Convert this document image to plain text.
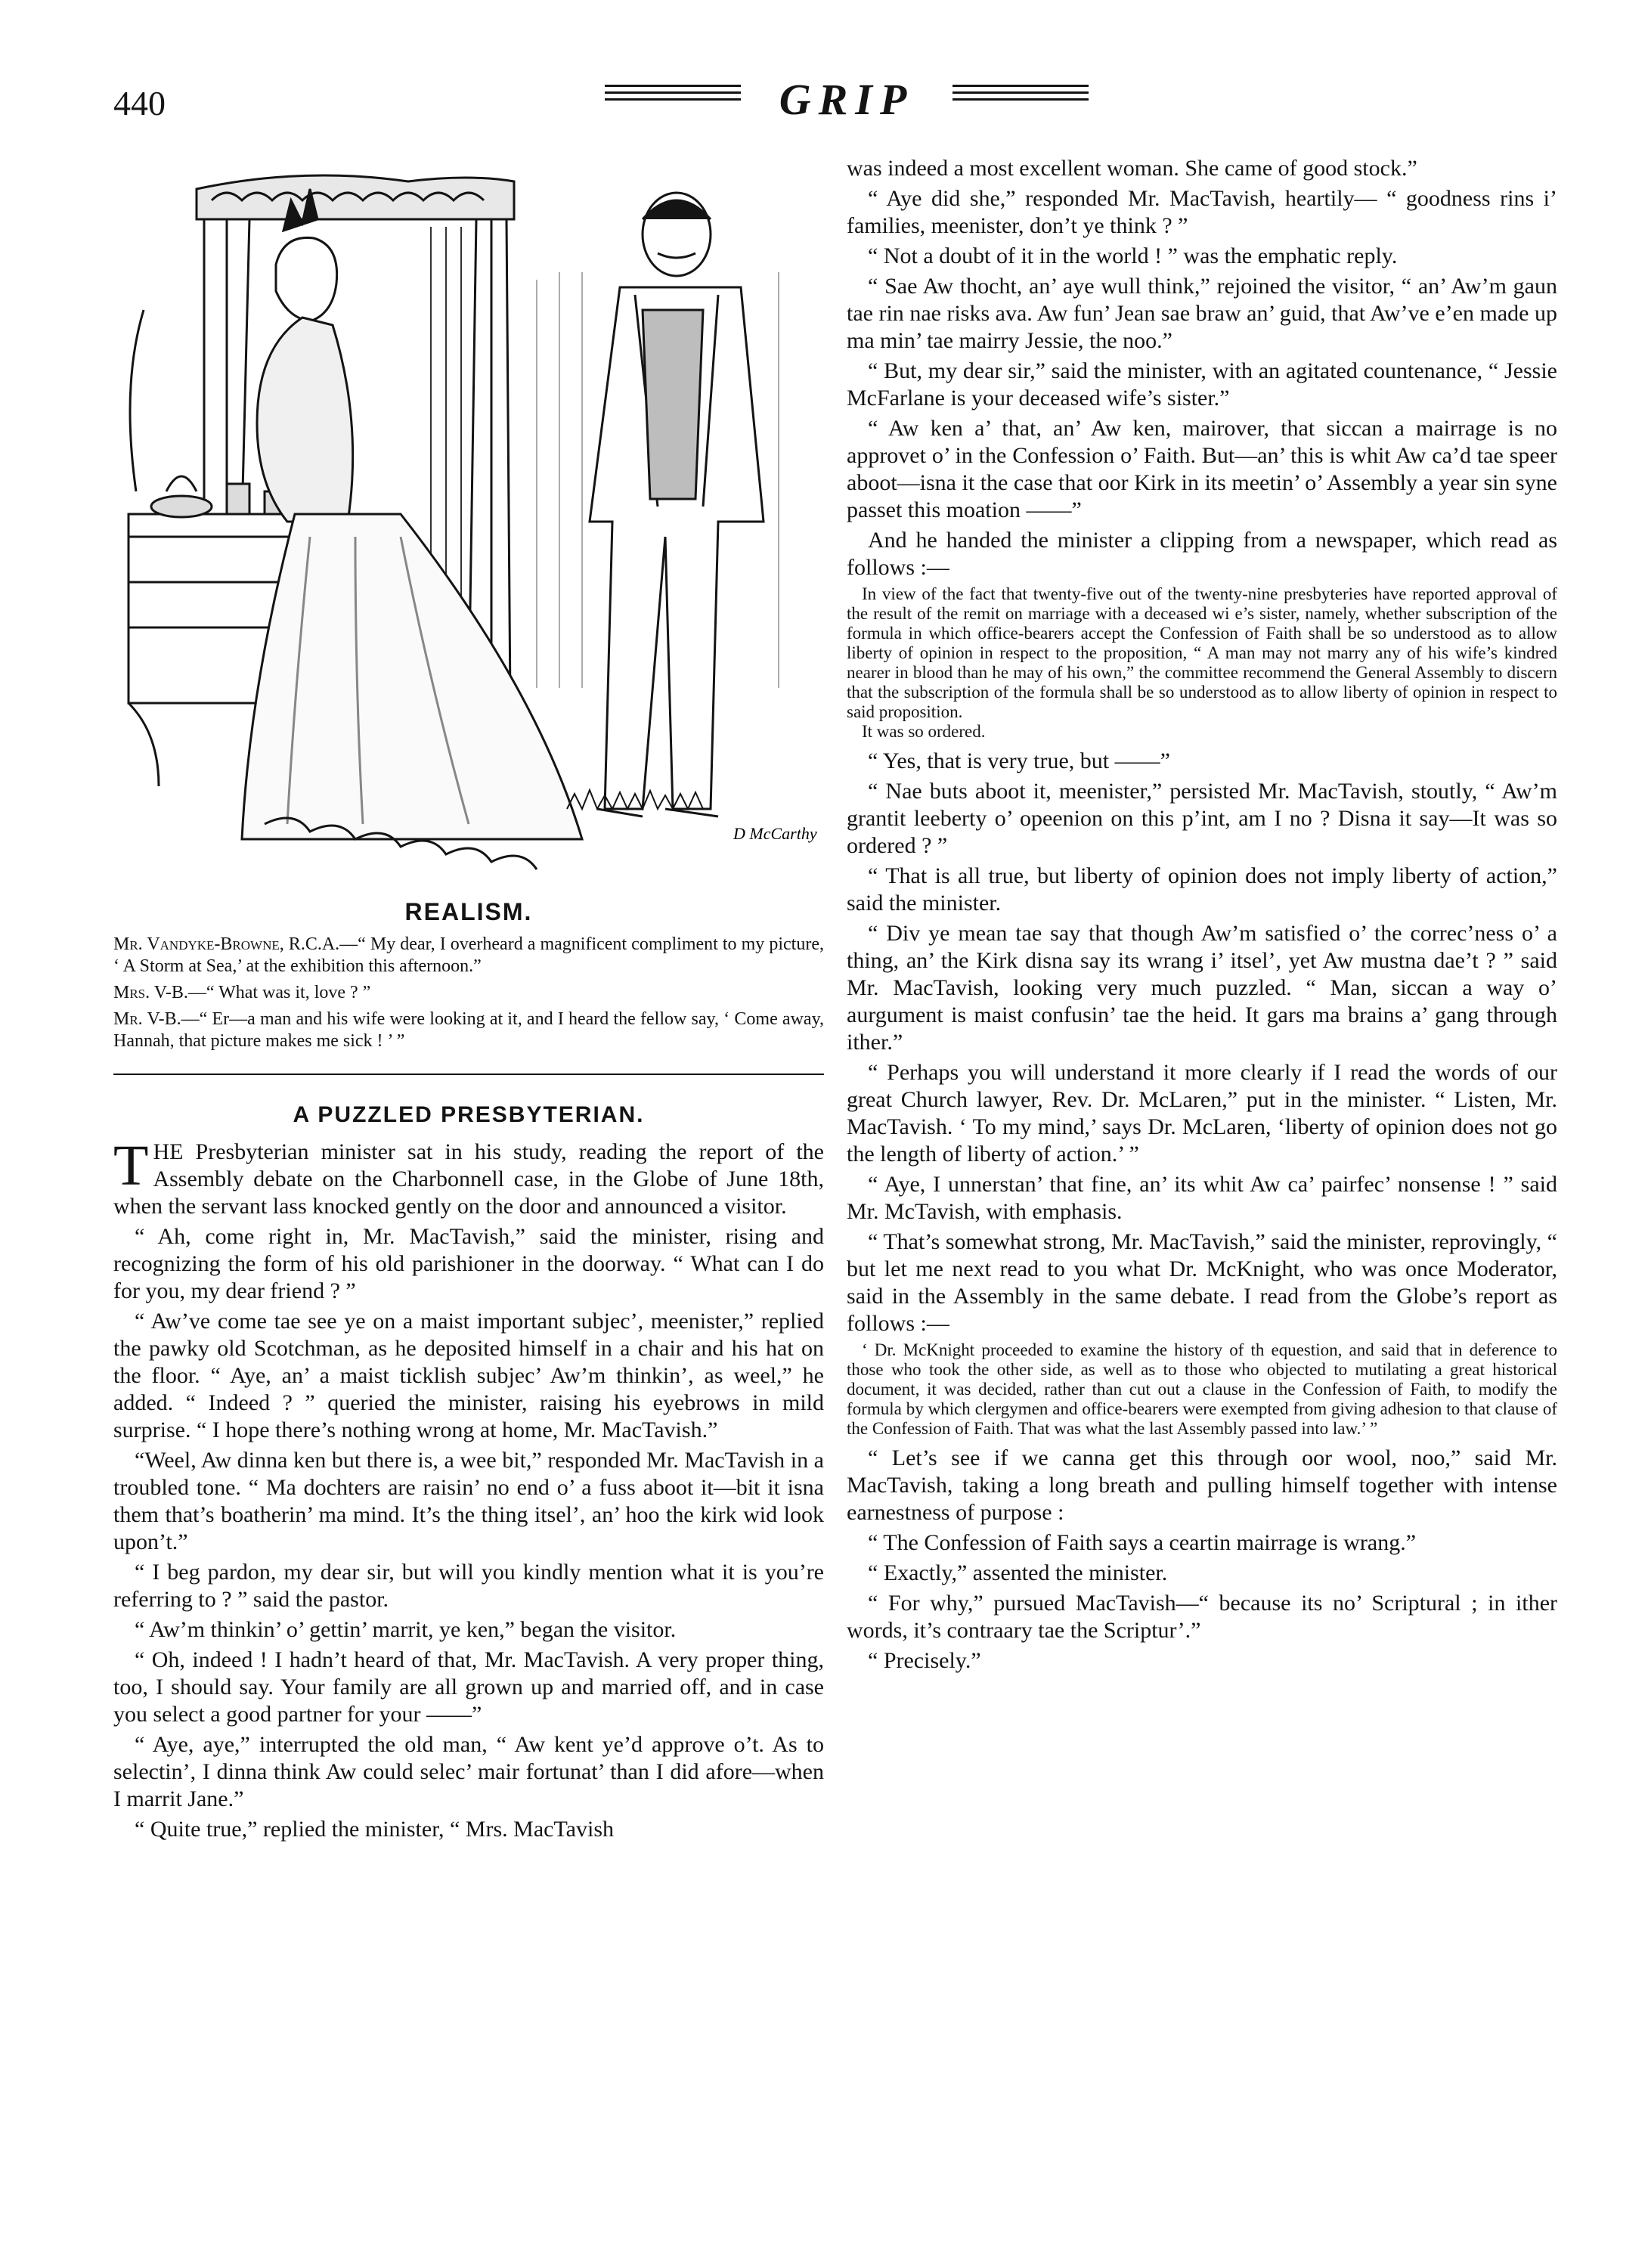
440	GRIP
D McCarthy
REALISM.

Mr. Vandyke-Browne, R.C.A.—“ My dear, I overheard a magnificent compliment to my picture, ‘ A Storm at Sea,’ at the exhibition this afternoon.”

Mrs. V-B.—“ What was it, love ? ”

Mr. V-B.—“ Er—a man and his wife were looking at it, and I heard the fellow say, ‘ Come away, Hannah, that picture makes me sick ! ’ ”

A PUZZLED PRESBYTERIAN.

THE Presbyterian minister sat in his study, reading the report of the Assembly debate on the Charbonnell case, in the Globe of June 18th, when the servant lass knocked gently on the door and announced a visitor.

“ Ah, come right in, Mr. MacTavish,” said the minister, rising and recognizing the form of his old parishioner in the doorway. “ What can I do for you, my dear friend ? ”

“ Aw’ve come tae see ye on a maist important subjec’, meenister,” replied the pawky old Scotchman, as he deposited himself in a chair and his hat on the floor. “ Aye, an’ a maist ticklish subjec’ Aw’m thinkin’, as weel,” he added. “ Indeed ? ” queried the minister, raising his eyebrows in mild surprise. “ I hope there’s nothing wrong at home, Mr. MacTavish.”

“Weel, Aw dinna ken but there is, a wee bit,” responded Mr. MacTavish in a troubled tone. “ Ma dochters are raisin’ no end o’ a fuss aboot it—bit it isna them that’s boatherin’ ma mind. It’s the thing itsel’, an’ hoo the kirk wid look upon’t.”

“ I beg pardon, my dear sir, but will you kindly mention what it is you’re referring to ? ” said the pastor.

“ Aw’m thinkin’ o’ gettin’ marrit, ye ken,” began the visitor.

“ Oh, indeed ! I hadn’t heard of that, Mr. MacTavish. A very proper thing, too, I should say. Your family are all grown up and married off, and in case you select a good partner for your ——”

“ Aye, aye,” interrupted the old man, “ Aw kent ye’d approve o’t. As to selectin’, I dinna think Aw could selec’ mair fortunat’ than I did afore—when I marrit Jane.”

“ Quite true,” replied the minister, “ Mrs. MacTavish

was indeed a most excellent woman. She came of good stock.”

“ Aye did she,” responded Mr. MacTavish, heartily— “ goodness rins i’ families, meenister, don’t ye think ? ”

“ Not a doubt of it in the world ! ” was the emphatic reply.

“ Sae Aw thocht, an’ aye wull think,” rejoined the visitor, “ an’ Aw’m gaun tae rin nae risks ava. Aw fun’ Jean sae braw an’ guid, that Aw’ve e’en made up ma min’ tae mairry Jessie, the noo.”

“ But, my dear sir,” said the minister, with an agitated countenance, “ Jessie McFarlane is your deceased wife’s sister.”

“ Aw ken a’ that, an’ Aw ken, mairover, that siccan a mairrage is no approvet o’ in the Confession o’ Faith. But—an’ this is whit Aw ca’d tae speer aboot—isna it the case that oor Kirk in its meetin’ o’ Assembly a year sin syne passet this moation ——”

And he handed the minister a clipping from a newspaper, which read as follows :—

In view of the fact that twenty-five out of the twenty-nine presbyteries have reported approval of the result of the remit on marriage with a deceased wi e’s sister, namely, whether subscription of the formula in which office-bearers accept the Confession of Faith shall be so understood as to allow liberty of opinion in respect to the proposition, “ A man may not marry any of his wife’s kindred nearer in blood than he may of his own,” the committee recommend the General Assembly to discern that the subscription of the formula shall be so understood as to allow liberty of opinion in respect to said proposition.

It was so ordered.

“ Yes, that is very true, but ——”

“ Nae buts aboot it, meenister,” persisted Mr. MacTavish, stoutly, “ Aw’m grantit leeberty o’ opeenion on this p’int, am I no ? Disna it say—It was so ordered ? ”

“ That is all true, but liberty of opinion does not imply liberty of action,” said the minister.

“ Div ye mean tae say that though Aw’m satisfied o’ the correc’ness o’ a thing, an’ the Kirk disna say its wrang i’ itsel’, yet Aw mustna dae’t ? ” said Mr. MacTavish, looking very much puzzled. “ Man, siccan a way o’ aurgument is maist confusin’ tae the heid. It gars ma brains a’ gang through ither.”

“ Perhaps you will understand it more clearly if I read the words of our great Church lawyer, Rev. Dr. McLaren,” put in the minister. “ Listen, Mr. MacTavish. ‘ To my mind,’ says Dr. McLaren, ‘liberty of opinion does not go the length of liberty of action.’ ”

“ Aye, I unnerstan’ that fine, an’ its whit Aw ca’ pairfec’ nonsense ! ” said Mr. McTavish, with emphasis.

“ That’s somewhat strong, Mr. MacTavish,” said the minister, reprovingly, “ but let me next read to you what Dr. McKnight, who was once Moderator, said in the Assembly in the same debate. I read from the Globe’s report as follows :—

‘ Dr. McKnight proceeded to examine the history of th equestion, and said that in deference to those who took the other side, as well as to those who objected to mutilating a great historical document, it was decided, rather than cut out a clause in the Confession of Faith, to modify the formula by which clergymen and office-bearers were exempted from giving adhesion to that clause of the Confession of Faith. That was what the last Assembly passed into law.’ ”

“ Let’s see if we canna get this through oor wool, noo,” said Mr. MacTavish, taking a long breath and pulling himself together with intense earnestness of purpose :

“ The Confession of Faith says a ceartin mairrage is wrang.”

“ Exactly,” assented the minister.

“ For why,” pursued MacTavish—“ because its no’ Scriptural ; in ither words, it’s contraary tae the Scriptur’.”

“ Precisely.”
